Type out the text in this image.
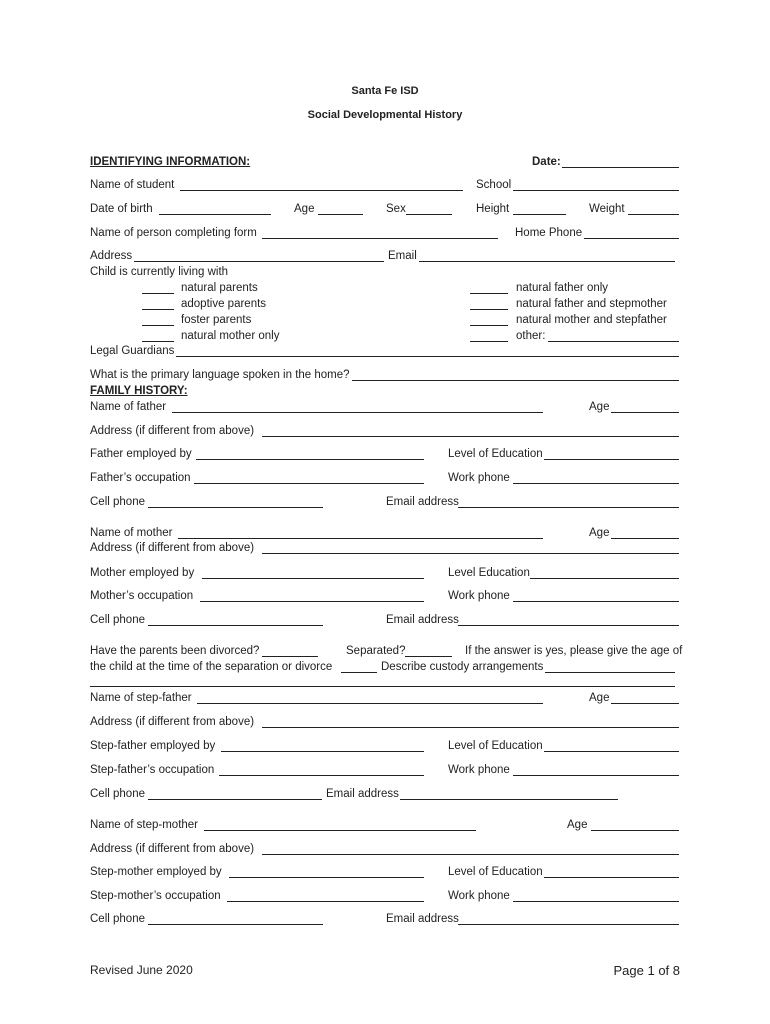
Santa Fe ISD
Social Developmental History
IDENTIFYING INFORMATION:	Date:
Name of student	School
Date of birth	Age	Sex	Height	Weight
Name of person completing form	Home Phone
Address	Email
Child is currently living with
natural parents
adoptive parents
foster parents
natural mother only
natural father only
natural father and stepmother
natural mother and stepfather
other:
Legal Guardians
What is the primary language spoken in the home?
FAMILY HISTORY:
Name of father	Age
Address (if different from above)
Father employed by	Level of Education
Father’s occupation	Work phone
Cell phone	Email address
Name of mother	Age
Address (if different from above)
Mother employed by	Level Education
Mother’s occupation	Work phone
Cell phone	Email address
Have the parents been divorced?	Separated?	If the answer is yes, please give the age of
the child at the time of the separation or divorce	Describe custody arrangements
Name of step-father	Age
Address (if different from above)
Step-father employed by	Level of Education
Step-father’s occupation	Work phone
Cell phone	Email address
Name of step-mother	Age
Address (if different from above)
Step-mother employed by	Level of Education
Step-mother’s occupation	Work phone
Cell phone	Email address
Revised June 2020	Page 1 of 8
